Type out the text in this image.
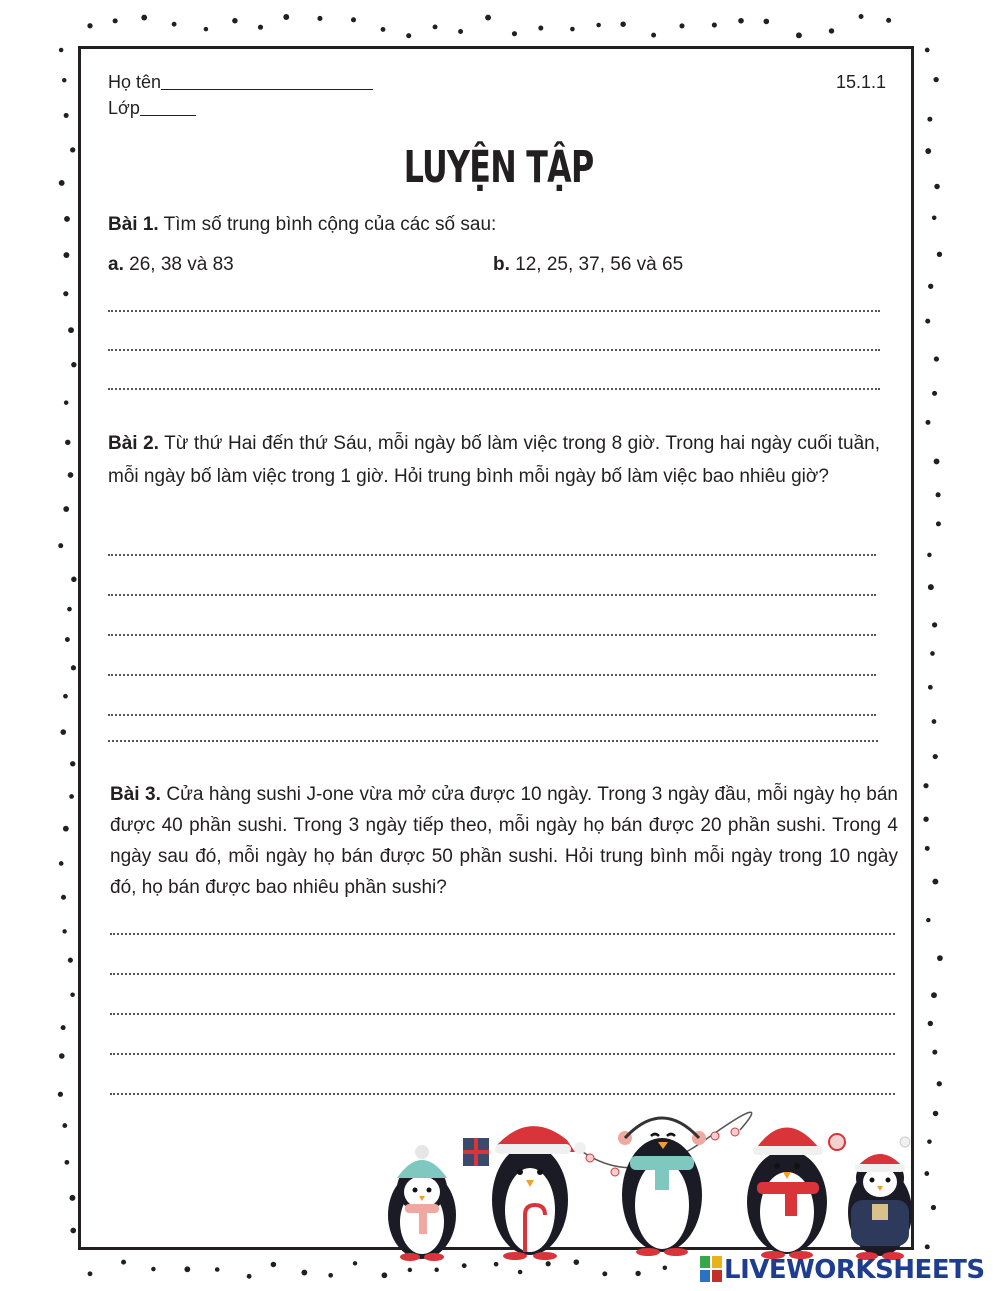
Họ tên
Lớp
15.1.1
LUYỆN TẬP
Bài 1. Tìm số trung bình cộng của các số sau:
a. 26, 38 và 83	b. 12, 25, 37, 56 và 65
Bài 2. Từ thứ Hai đến thứ Sáu, mỗi ngày bố làm việc trong 8 giờ. Trong hai ngày cuối tuần, mỗi ngày bố làm việc trong 1 giờ. Hỏi trung bình mỗi ngày bố làm việc bao nhiêu giờ?
Bài 3. Cửa hàng sushi J-one vừa mở cửa được 10 ngày. Trong 3 ngày đầu, mỗi ngày họ bán được 40 phần sushi. Trong 3 ngày tiếp theo, mỗi ngày họ bán được 20 phần sushi. Trong 4 ngày sau đó, mỗi ngày họ bán được 50 phần sushi. Hỏi trung bình mỗi ngày trong 10 ngày đó, họ bán được bao nhiêu phần sushi?
LIVEWORKSHEETS
